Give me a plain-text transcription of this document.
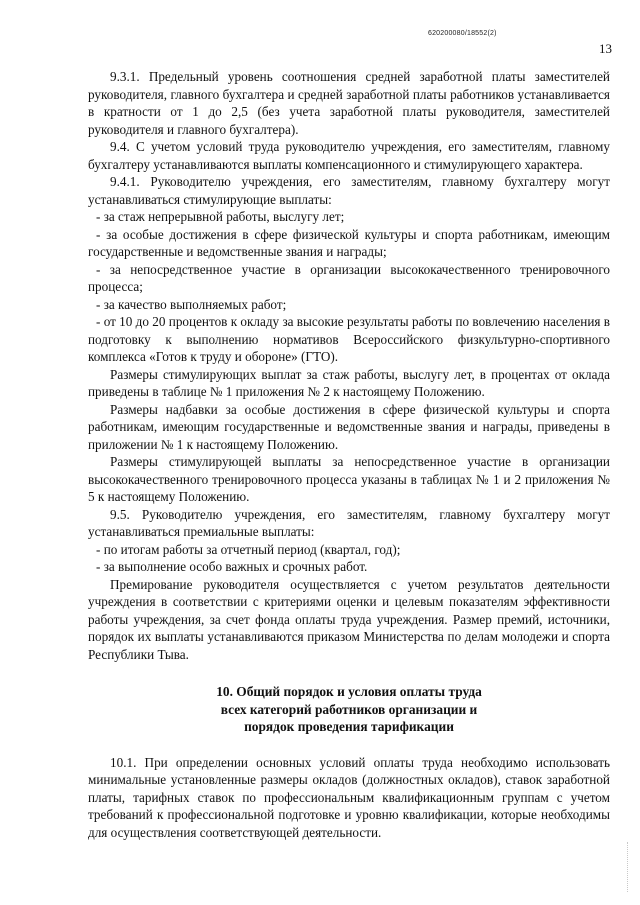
620200080/18552(2)
13

9.3.1. Предельный уровень соотношения средней заработной платы заместителей руководителя, главного бухгалтера и средней заработной платы работников устанавливается в кратности от 1 до 2,5 (без учета заработной платы руководителя, заместителей руководителя и главного бухгалтера).

9.4. С учетом условий труда руководителю учреждения, его заместителям, главному бухгалтеру устанавливаются выплаты компенсационного и стимулирующего характера.

9.4.1. Руководителю учреждения, его заместителям, главному бухгалтеру могут устанавливаться стимулирующие выплаты:

- за стаж непрерывной работы, выслугу лет;

- за особые достижения в сфере физической культуры и спорта работникам, имеющим государственные и ведомственные звания и награды;

- за непосредственное участие в организации высококачественного тренировочного процесса;

- за качество выполняемых работ;

- от 10 до 20 процентов к окладу за высокие результаты работы по вовлечению населения в подготовку к выполнению нормативов Всероссийского физкультурно-спортивного комплекса «Готов к труду и обороне» (ГТО).

Размеры стимулирующих выплат за стаж работы, выслугу лет, в процентах от оклада приведены в таблице № 1 приложения № 2 к настоящему Положению.

Размеры надбавки за особые достижения в сфере физической культуры и спорта работникам, имеющим государственные и ведомственные звания и награды, приведены в приложении № 1 к настоящему Положению.

Размеры стимулирующей выплаты за непосредственное участие в организации высококачественного тренировочного процесса указаны в таблицах № 1 и 2 приложения № 5 к настоящему Положению.

9.5. Руководителю учреждения, его заместителям, главному бухгалтеру могут устанавливаться премиальные выплаты:

- по итогам работы за отчетный период (квартал, год);

- за выполнение особо важных и срочных работ.

Премирование руководителя осуществляется с учетом результатов деятельности учреждения в соответствии с критериями оценки и целевым показателям эффективности работы учреждения, за счет фонда оплаты труда учреждения. Размер премий, источники, порядок их выплаты устанавливаются приказом Министерства по делам молодежи и спорта Республики Тыва.

10. Общий порядок и условия оплаты труда
всех категорий работников организации и
порядок проведения тарификации

10.1. При определении основных условий оплаты труда необходимо использовать минимальные установленные размеры окладов (должностных окладов), ставок заработной платы, тарифных ставок по профессиональным квалификационным группам с учетом требований к профессиональной подготовке и уровню квалификации, которые необходимы для осуществления соответствующей деятельности.
